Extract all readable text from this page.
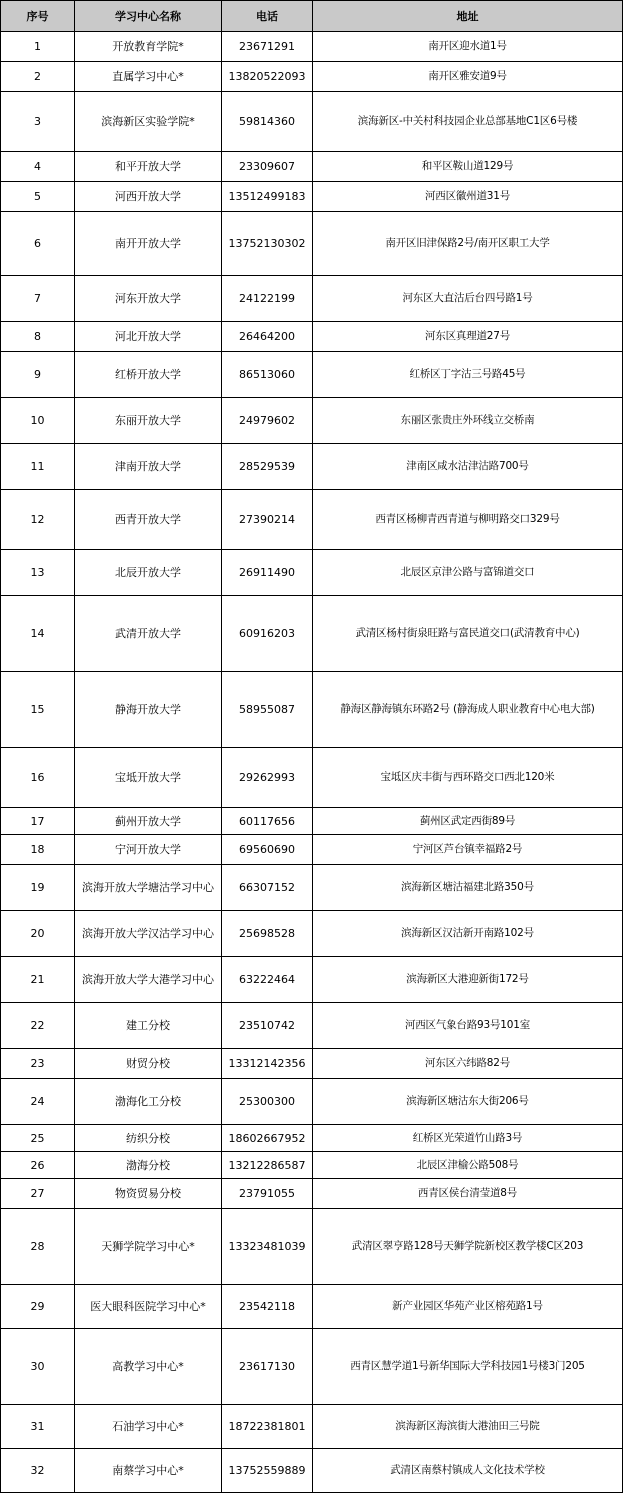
序号	学习中心名称	电话	地址
1	开放教育学院*	23671291	南开区迎水道1号
2	直属学习中心*	13820522093	南开区雅安道9号
3	滨海新区实验学院*	59814360	滨海新区-中关村科技园企业总部基地C1区6号楼
4	和平开放大学	23309607	和平区鞍山道129号
5	河西开放大学	13512499183	河西区徽州道31号
6	南开开放大学	13752130302	南开区旧津保路2号/南开区职工大学
7	河东开放大学	24122199	河东区大直沽后台四号路1号
8	河北开放大学	26464200	河东区真理道27号
9	红桥开放大学	86513060	红桥区丁字沽三号路45号
10	东丽开放大学	24979602	东丽区张贵庄外环线立交桥南
11	津南开放大学	28529539	津南区咸水沽津沽路700号
12	西青开放大学	27390214	西青区杨柳青西青道与柳明路交口329号
13	北辰开放大学	26911490	北辰区京津公路与富锦道交口
14	武清开放大学	60916203	武清区杨村街泉旺路与富民道交口(武清教育中心)
15	静海开放大学	58955087	静海区静海镇东环路2号 (静海成人职业教育中心电大部)
16	宝坻开放大学	29262993	宝坻区庆丰街与西环路交口西北120米
17	蓟州开放大学	60117656	蓟州区武定西街89号
18	宁河开放大学	69560690	宁河区芦台镇幸福路2号
19	滨海开放大学塘沽学习中心	66307152	滨海新区塘沽福建北路350号
20	滨海开放大学汉沽学习中心	25698528	滨海新区汉沽新开南路102号
21	滨海开放大学大港学习中心	63222464	滨海新区大港迎新街172号
22	建工分校	23510742	河西区气象台路93号101室
23	财贸分校	13312142356	河东区六纬路82号
24	渤海化工分校	25300300	滨海新区塘沽东大街206号
25	纺织分校	18602667952	红桥区光荣道竹山路3号
26	渤海分校	13212286587	北辰区津榆公路508号
27	物资贸易分校	23791055	西青区侯台清莹道8号
28	天狮学院学习中心*	13323481039	武清区翠亨路128号天狮学院新校区教学楼C区203
29	医大眼科医院学习中心*	23542118	新产业园区华苑产业区榕苑路1号
30	高教学习中心*	23617130	西青区慧学道1号新华国际大学科技园1号楼3门205
31	石油学习中心*	18722381801	滨海新区海滨街大港油田三号院
32	南蔡学习中心*	13752559889	武清区南蔡村镇成人文化技术学校
